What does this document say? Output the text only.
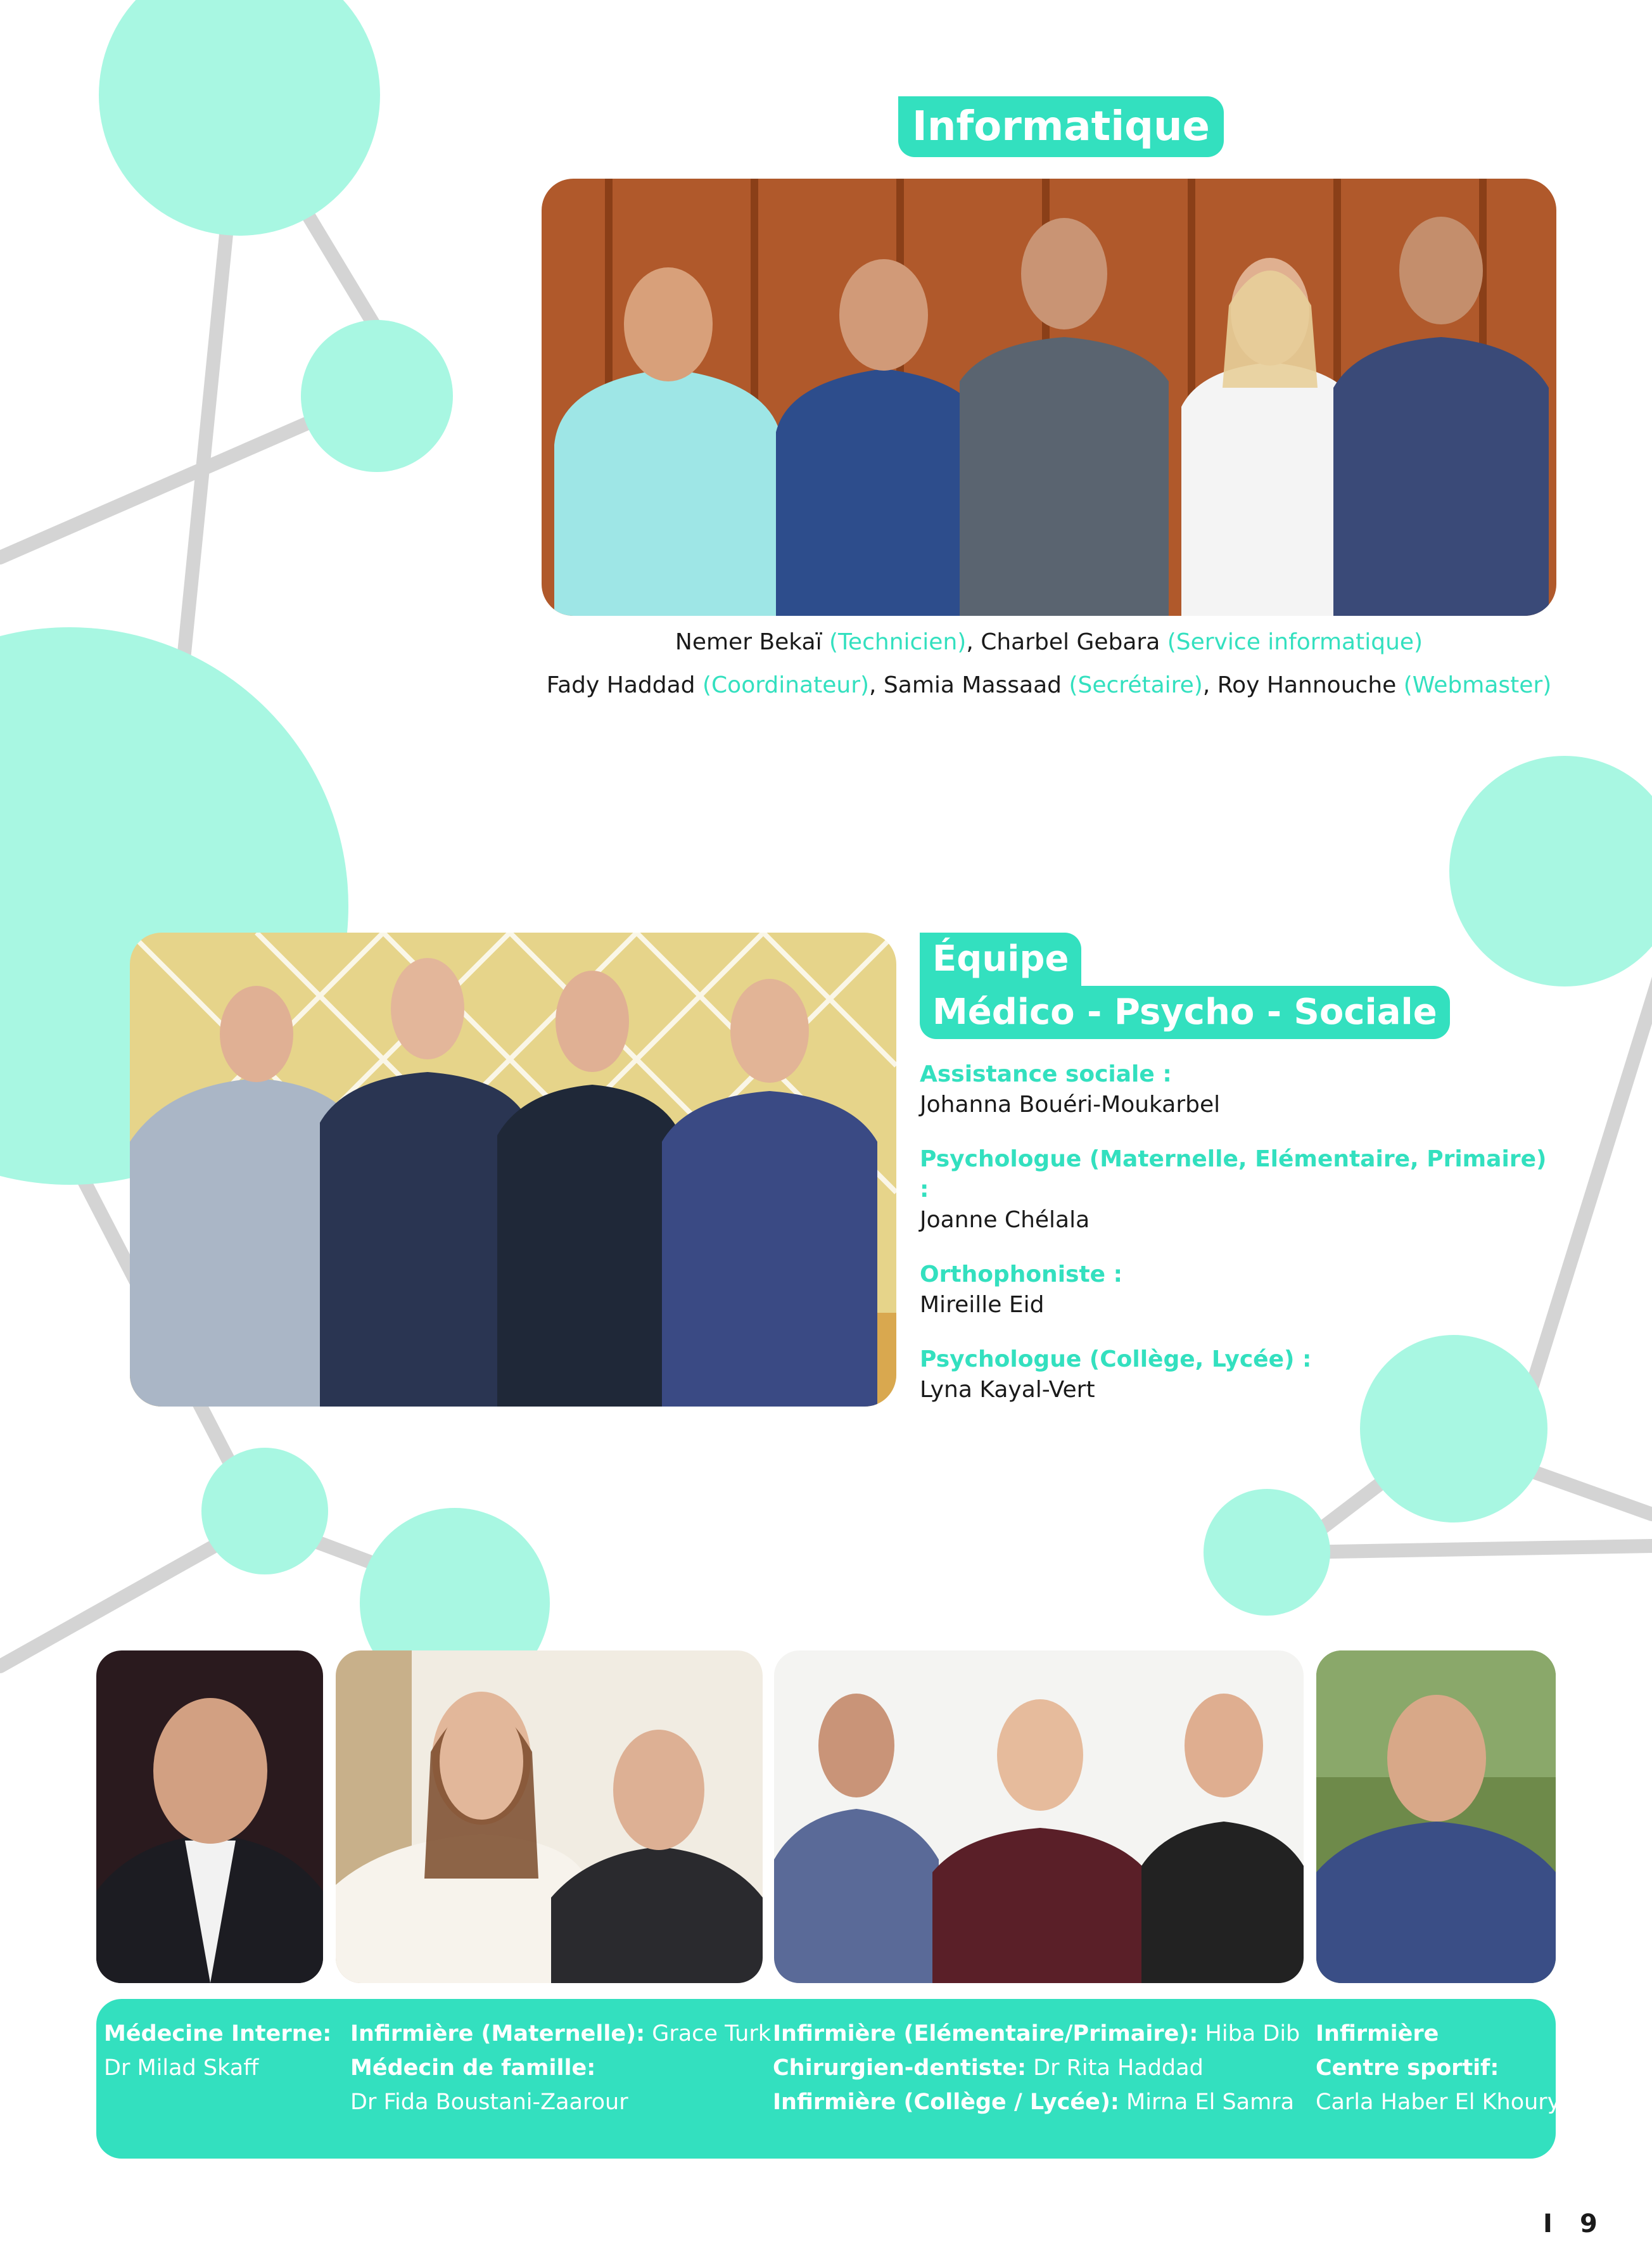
Informatique
Nemer Bekaï (Technicien), Charbel Gebara (Service informatique)
Fady Haddad (Coordinateur), Samia Massaad (Secrétaire), Roy Hannouche (Webmaster)
Équipe
Médico - Psycho - Sociale
Assistance sociale :
Johanna Bouéri-Moukarbel
Psychologue (Maternelle, Elémentaire, Primaire) :
Joanne Chélala
Orthophoniste :
Mireille Eid
Psychologue (Collège, Lycée) :
Lyna Kayal-Vert
Médecine Interne:
Dr Milad Skaff
Infirmière (Maternelle): Grace Turk
Médecin de famille:
Dr Fida Boustani-Zaarour
Infirmière (Elémentaire/Primaire): Hiba Dib
Chirurgien-dentiste: Dr Rita Haddad
Infirmière (Collège / Lycée): Mirna El Samra
Infirmière
Centre sportif:
Carla Haber El Khoury
I 9
